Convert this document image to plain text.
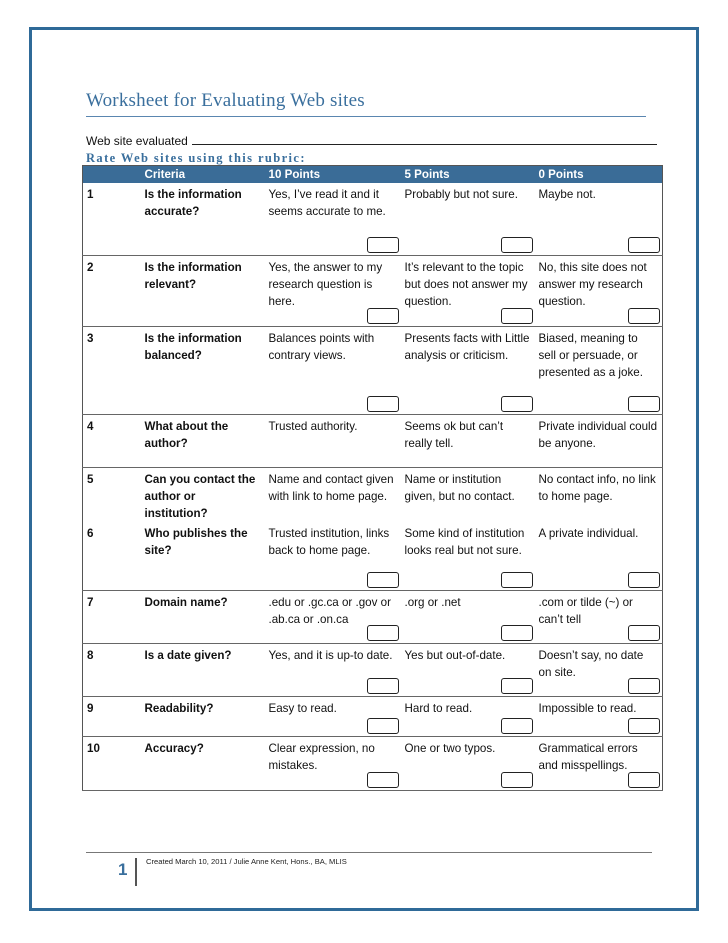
Worksheet for Evaluating Web sites
Web site evaluated
Rate Web sites using this rubric:
	Criteria	10 Points	5 Points	0 Points
1	Is the information accurate?	Yes, I’ve read it and it seems accurate to me.	Probably but not sure.	Maybe not.

2	Is the information relevant?	Yes, the answer to my research question is here.	It’s relevant to the topic but does not answer my question.	No, this site does not answer my research question.

3	Is the information balanced?	Balances points with contrary views.	Presents facts with Little analysis or criticism.	Biased, meaning to sell or persuade, or presented as a joke.

4	What about the author?	Trusted authority.	Seems ok but can’t really tell.	Private individual could be anyone.
5	Can you contact the author or institution?	Name and contact given with link to home page.	Name or institution given, but no contact.	No contact info, no link to home page.
6	Who publishes the site?	Trusted institution, links back to home page.	Some kind of institution looks real but not sure.	A private individual.

7	Domain name?	.edu or .gc.ca or .gov or .ab.ca or .on.ca	.org or .net	.com or tilde (~) or can’t tell

8	Is a date given?	Yes, and it is up-to date.	Yes but out-of-date.	Doesn’t say, no date on site.

9	Readability?	Easy to read.	Hard to read.	Impossible to read.

10	Accuracy?	Clear expression, no mistakes.	One or two typos.	Grammatical errors and misspellings.
1 Created March 10, 2011 / Julie Anne Kent, Hons., BA, MLIS
